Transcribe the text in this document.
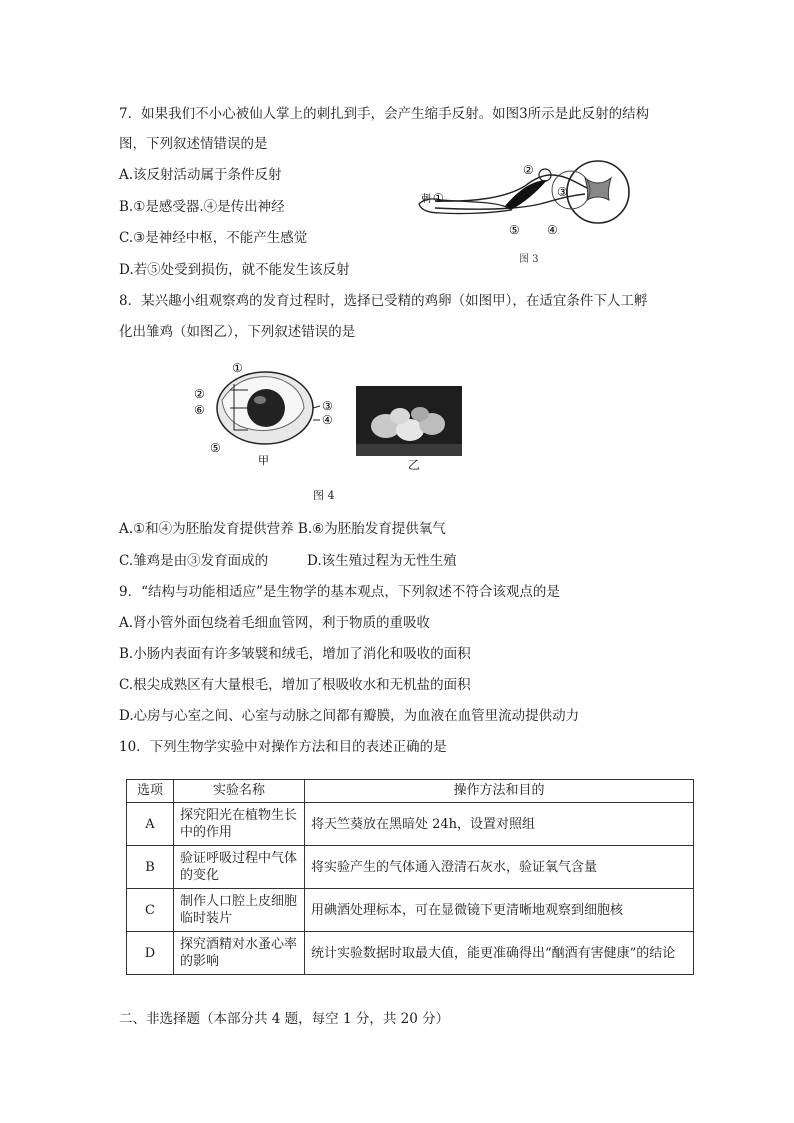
7．如果我们不小心被仙人掌上的刺扎到手，会产生缩手反射。如图3所示是此反射的结构
图，下列叙述情错误的是
A.该反射活动属于条件反射
B.①是感受器.④是传出神经
C.③是神经中枢，不能产生感觉
D.若⑤处受到损伤，就不能发生该反射
刺 ①
②
③
④
⑤
图 3
8．某兴趣小组观察鸡的发育过程时，选择已受精的鸡卵（如图甲），在适宜条件下人工孵
化出雏鸡（如图乙），下列叙述错误的是
①
②
③
④
⑤
⑥
甲	乙
图 4
A.①和④为胚胎发育提供营养 B.⑥为胚胎发育提供氧气
C.雏鸡是由③发育面成的	D.该生殖过程为无性生殖
9．“结构与功能相适应”是生物学的基本观点，下列叙述不符合该观点的是
A.肾小管外面包绕着毛细血管网，利于物质的重吸收
B.小肠内表面有许多皱襞和绒毛，增加了消化和吸收的面积
C.根尖成熟区有大量根毛，增加了根吸收水和无机盐的面积
D.心房与心室之间、心室与动脉之间都有瓣膜，为血液在血管里流动提供动力
10．下列生物学实验中对操作方法和目的表述正确的是
选项	实验名称	操作方法和目的
A	探究阳光在植物生长中的作用	将天竺葵放在黑暗处 24h，设置对照组
B	验证呼吸过程中气体的变化	将实验产生的气体通入澄清石灰水，验证氧气含量
C	制作人口腔上皮细胞临时装片	用碘酒处理标本，可在显微镜下更清晰地观察到细胞核
D	探究酒精对水蚤心率的影响	统计实验数据时取最大值，能更准确得出“酗酒有害健康”的结论
二、非选择题（本部分共 4 题，每空 1 分，共 20 分）
